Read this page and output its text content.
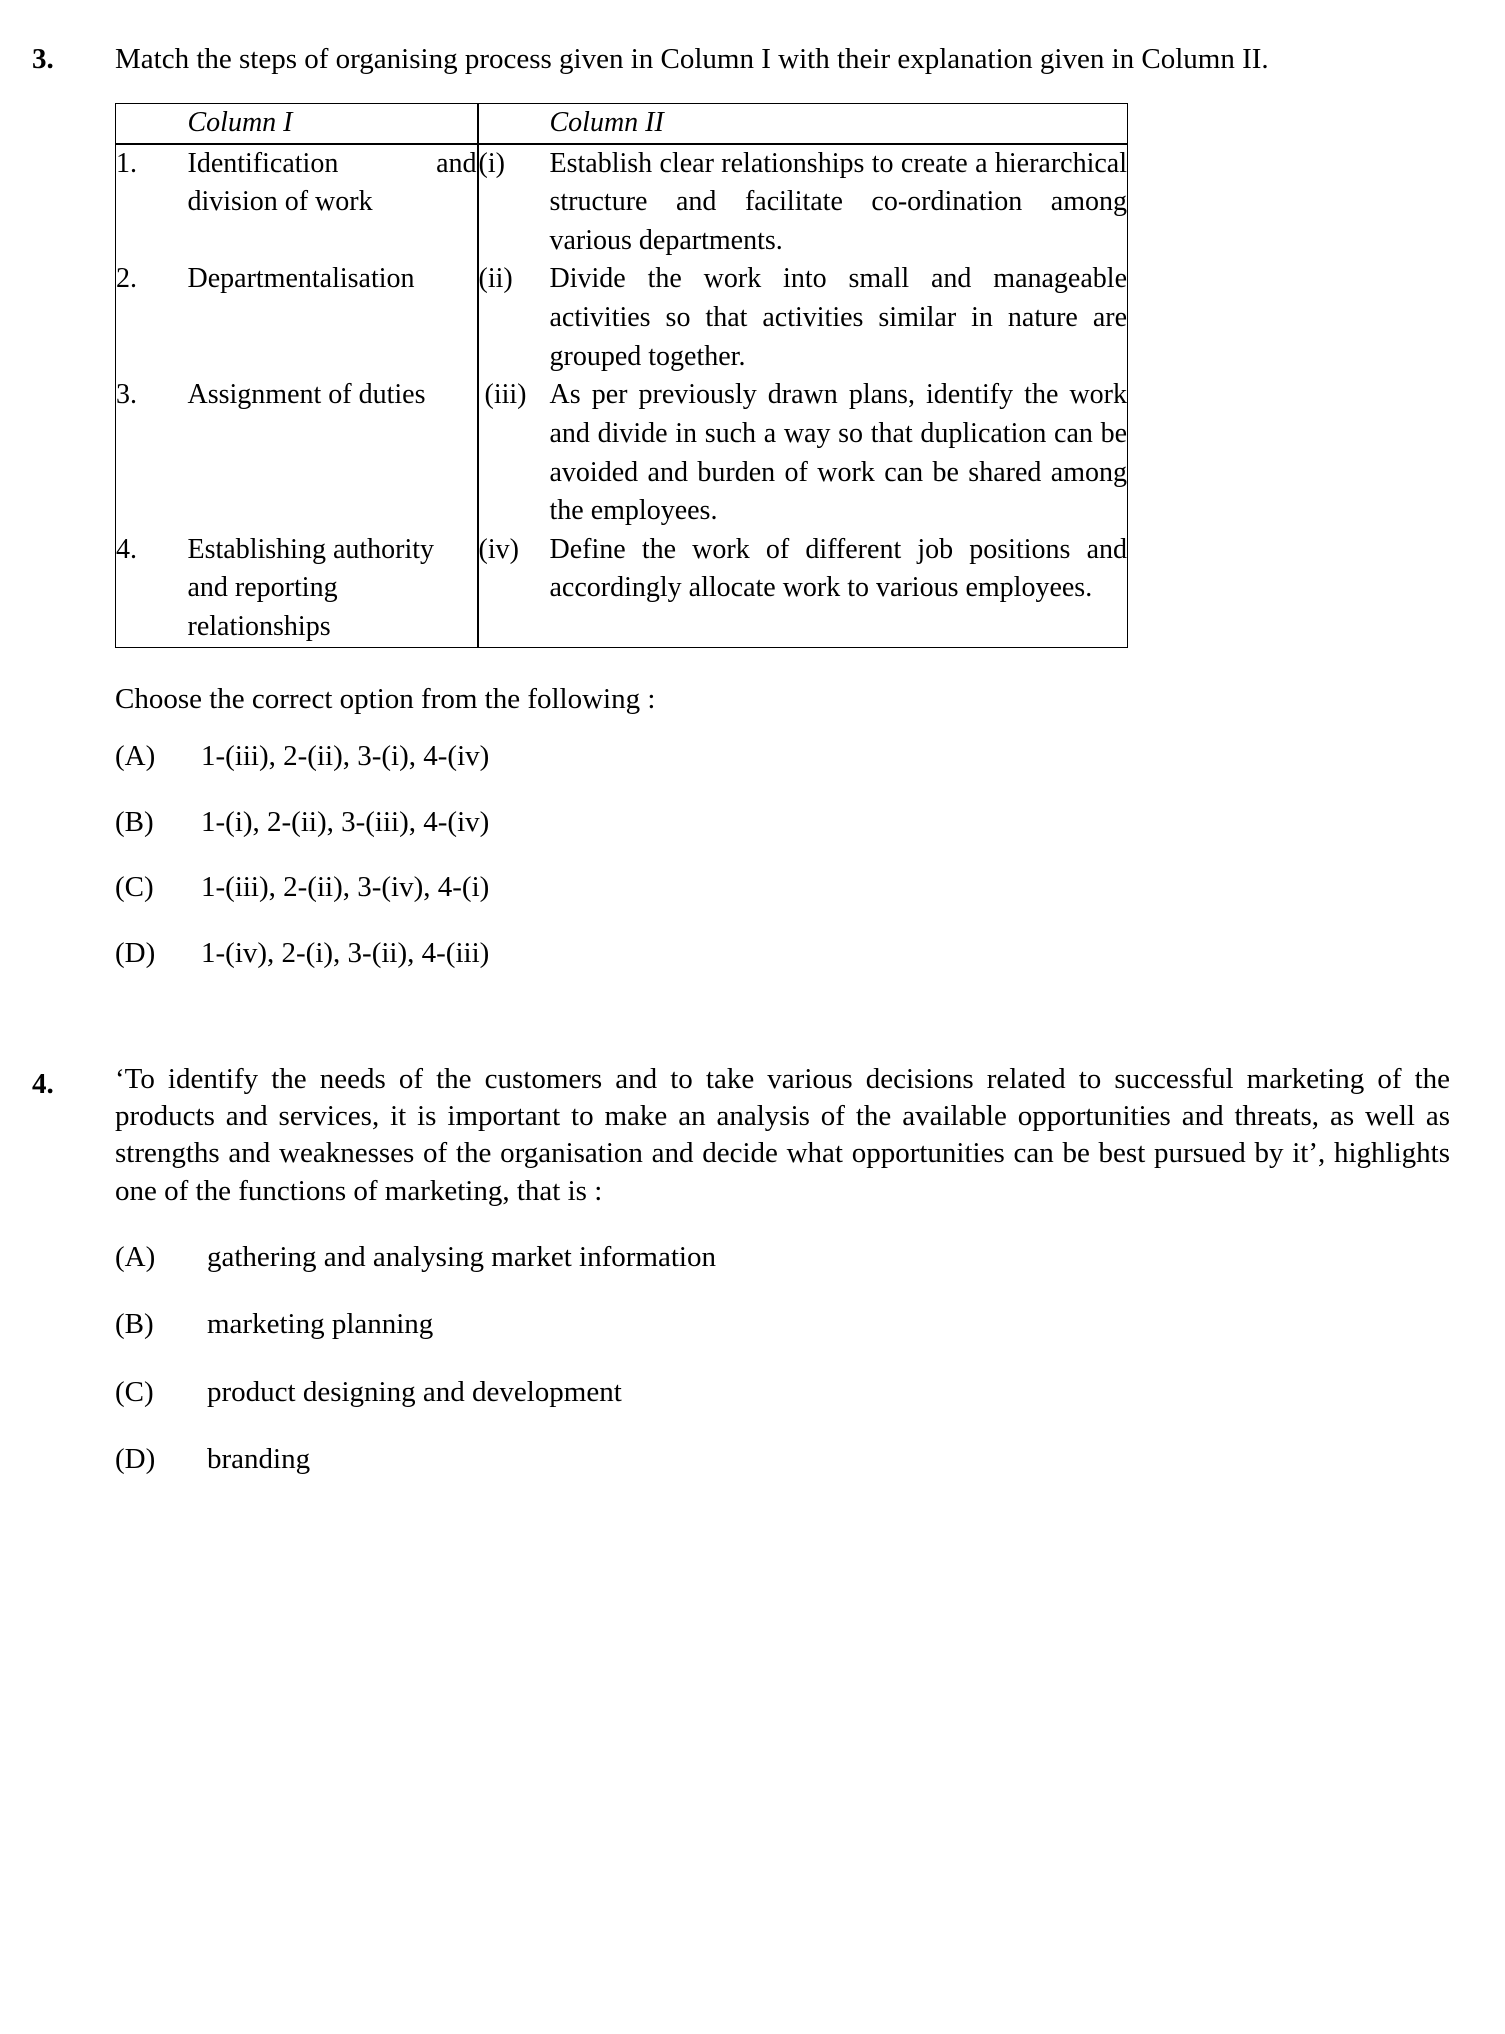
3.	Match the steps of organising process given in Column I with their explanation given in Column II.
	Column I		Column II
1.	Identification and division of work	(i)	Establish clear relationships to create a hierarchical structure and facilitate co-ordination among various departments.
2.	Departmentalisation	(ii)	Divide the work into small and manageable activities so that activities similar in nature are grouped together.
3.	Assignment of duties	(iii)	As per previously drawn plans, identify the work and divide in such a way so that duplication can be avoided and burden of work can be shared among the employees.
4.	Establishing authority and reporting relationships	(iv)	Define the work of different job positions and accordingly allocate work to various employees.
Choose the correct option from the following :
(A)	1-(iii), 2-(ii), 3-(i), 4-(iv)
(B)	1-(i), 2-(ii), 3-(iii), 4-(iv)
(C)	1-(iii), 2-(ii), 3-(iv), 4-(i)
(D)	1-(iv), 2-(i), 3-(ii), 4-(iii)
4.	‘To identify the needs of the customers and to take various decisions related to successful marketing of the products and services, it is important to make an analysis of the available opportunities and threats, as well as strengths and weaknesses of the organisation and decide what opportunities can be best pursued by it’, highlights one of the functions of marketing, that is :
(A)	gathering and analysing market information
(B)	marketing planning
(C)	product designing and development
(D)	branding
